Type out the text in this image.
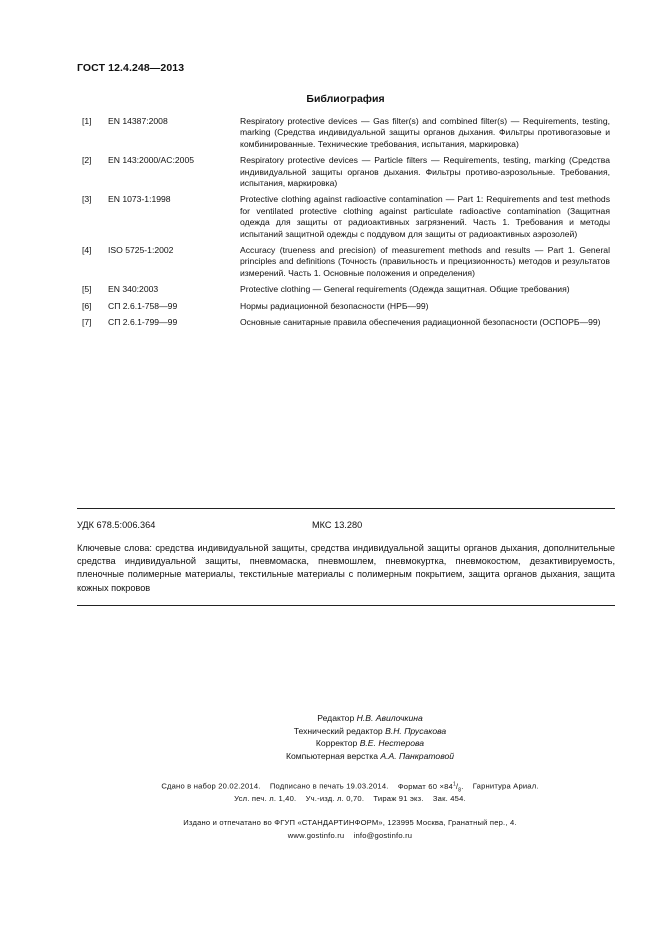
ГОСТ 12.4.248—2013
Библиография
[1]	EN 14387:2008	Respiratory protective devices — Gas filter(s) and combined filter(s) — Requirements, testing, marking (Средства индивидуальной защиты органов дыхания. Фильтры противогазовые и комбинированные. Технические требования, испытания, маркировка)
[2]	EN 143:2000/AC:2005	Respiratory protective devices — Particle filters — Requirements, testing, marking (Средства индивидуальной защиты органов дыхания. Фильтры противо-аэрозольные. Требования, испытания, маркировка)
[3]	EN 1073-1:1998	Protective clothing against radioactive contamination — Part 1: Requirements and test methods for ventilated protective clothing against particulate radioactive contamination (Защитная одежда для защиты от радиоактивных загрязнений. Часть 1. Требования и методы испытаний защитной одежды с поддувом для защиты от радиоактивных аэрозолей)
[4]	ISO 5725-1:2002	Accuracy (trueness and precision) of measurement methods and results — Part 1. General principles and definitions (Точность (правильность и прецизионность) методов и результатов измерений. Часть 1. Основные положения и определения)
[5]	EN 340:2003	Protective clothing — General requirements (Одежда защитная. Общие требования)
[6]	СП 2.6.1-758—99	Нормы радиационной безопасности (НРБ—99)
[7]	СП 2.6.1-799—99	Основные санитарные правила обеспечения радиационной безопасности (ОСПОРБ—99)
УДК 678.5:006.364	МКС 13.280
Ключевые слова: средства индивидуальной защиты, средства индивидуальной защиты органов дыхания, дополнительные средства индивидуальной защиты, пневмомаска, пневмошлем, пневмокуртка, пневмокостюм, дезактивируемость, пленочные полимерные материалы, текстильные материалы с полимерным покрытием, защита органов дыхания, защита кожных покровов
Редактор Н.В. Авилочкина
Технический редактор В.Н. Прусакова
Корректор В.Е. Нестерова
Компьютерная верстка А.А. Панкратовой
Сдано в набор 20.02.2014. Подписано в печать 19.03.2014. Формат $60 \times 84^1/_8$. Гарнитура Ариал.
Усл. печ. л. 1,40. Уч.-изд. л. 0,70. Тираж 91 экз. Зак. 454.
Издано и отпечатано во ФГУП «СТАНДАРТИНФОРМ», 123995 Москва, Гранатный пер., 4.
www.gostinfo.ru info@gostinfo.ru
